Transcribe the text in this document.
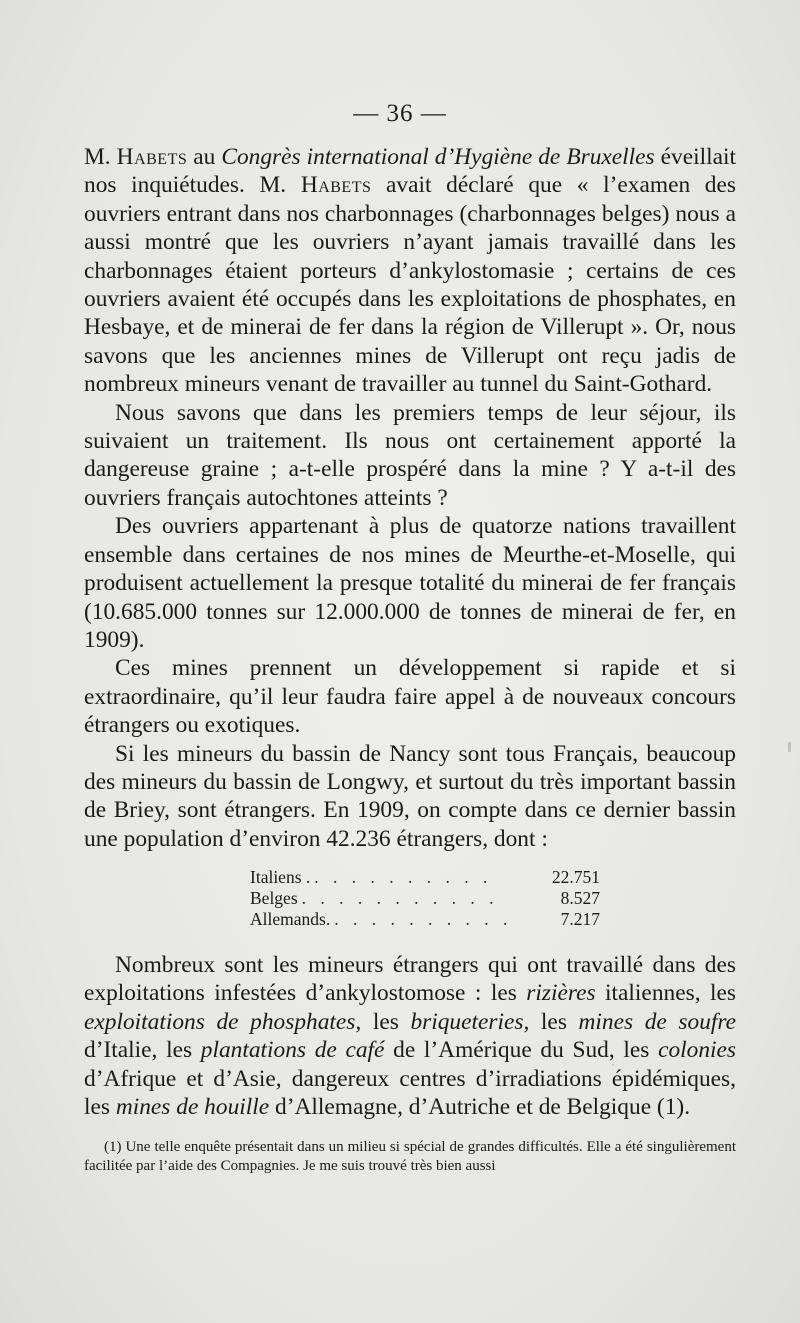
— 36 —

M. Habets au Congrès international d’Hygiène de Bruxelles éveillait nos inquiétudes. M. Habets avait déclaré que « l’examen des ouvriers entrant dans nos charbonnages (charbonnages belges) nous a aussi montré que les ouvriers n’ayant jamais travaillé dans les charbonnages étaient porteurs d’ankylostomasie ; certains de ces ouvriers avaient été occupés dans les exploitations de phosphates, en Hesbaye, et de minerai de fer dans la région de Villerupt ». Or, nous savons que les anciennes mines de Villerupt ont reçu jadis de nombreux mineurs venant de travailler au tunnel du Saint-Gothard.

Nous savons que dans les premiers temps de leur séjour, ils suivaient un traitement. Ils nous ont certainement apporté la dangereuse graine ; a-t-elle prospéré dans la mine ? Y a-t-il des ouvriers français autochtones atteints ?

Des ouvriers appartenant à plus de quatorze nations travaillent ensemble dans certaines de nos mines de Meurthe-et-Moselle, qui produisent actuellement la presque totalité du minerai de fer français (10.685.000 tonnes sur 12.000.000 de tonnes de minerai de fer, en 1909).

Ces mines prennent un développement si rapide et si extraordinaire, qu’il leur faudra faire appel à de nouveaux concours étrangers ou exotiques.

Si les mineurs du bassin de Nancy sont tous Français, beaucoup des mineurs du bassin de Longwy, et surtout du très important bassin de Briey, sont étrangers. En 1909, on compte dans ce dernier bassin une population d’environ 42.236 étrangers, dont :

Italiens . . . . . . . . . . .	22.751
Belges . . . . . . . . . . .	8.527
Allemands. . . . . . . . . . .	7.217

Nombreux sont les mineurs étrangers qui ont travaillé dans des exploitations infestées d’ankylostomose : les rizières italiennes, les exploitations de phosphates, les briqueteries, les mines de soufre d’Italie, les plantations de café de l’Amérique du Sud, les colonies d’Afrique et d’Asie, dangereux centres d’irradiations épidémiques, les mines de houille d’Allemagne, d’Autriche et de Belgique (1).

(1) Une telle enquête présentait dans un milieu si spécial de grandes difficultés. Elle a été singulièrement facilitée par l’aide des Compagnies. Je me suis trouvé très bien aussi
